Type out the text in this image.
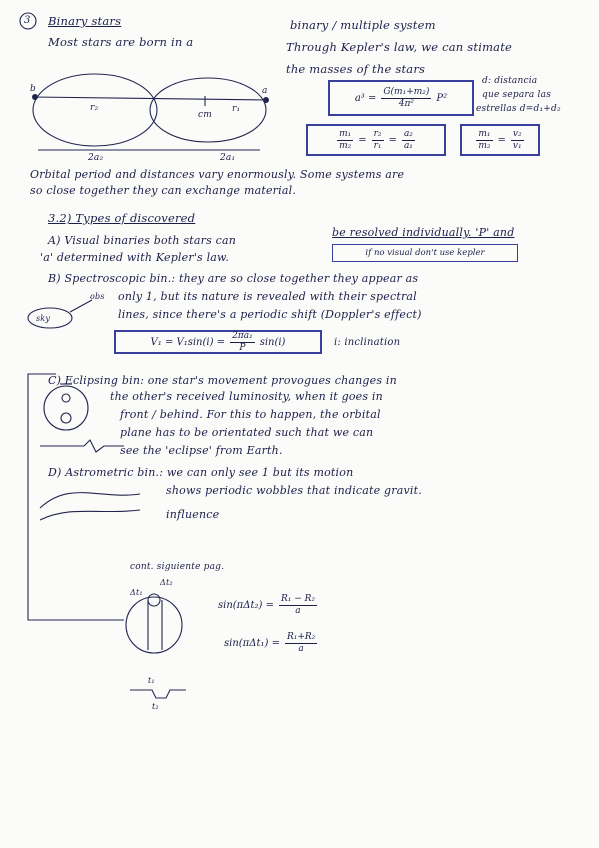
3 Binary stars
Most stars are born in a
binary / multiple system
Through Kepler's law, we can stimate
the masses of the stars
b	a
r₂	r₁
cm
2a₂	2a₁
$a^3 = \frac{\text{G(m₁+m₂)}}{\text{4π²}} P^2$
d: distancia
que separa las
estrellas d=d₁+d₂
$\frac{\text{m₁}}{\text{m₂}} = \frac{\text{r₂}}{\text{r₁}} = \frac{\text{a₂}}{\text{a₁}}$	$\frac{\text{m₁}}{\text{m₂}} = \frac{\text{v₂}}{\text{v₁}}$
Orbital period and distances vary enormously. Some systems are
so close together they can exchange material.
3.2) Types of discovered
A) Visual binaries both stars can
be resolved individually. 'P' and
'a' determined with Kepler's law.	if no visual don't use kepler
B) Spectroscopic bin.: they are so close together they appear as
only 1, but its nature is revealed with their spectral
lines, since there's a periodic shift (Doppler's effect)
obs
sky
$V_1 = V_1\sin(i) = \frac{\text{2πa₁}}{P} \sin(i)$	i: inclination
C) Eclipsing bin: one star's movement provogues changes in
the other's received luminosity, when it goes in
front / behind. For this to happen, the orbital
plane has to be orientated such that we can
see the 'eclipse' from Earth.
D) Astrometric bin.: we can only see 1 but its motion
shows periodic wobbles that indicate gravit.
influence
cont. siguiente pag.
Δt₂
Δt₁
$\sin(\pi\Delta t_2) = \frac{\text{R₁ − R₂}}{a}$
$\sin(\pi\Delta t_1) = \frac{\text{R₁+R₂}}{a}$
t₁
t₂
